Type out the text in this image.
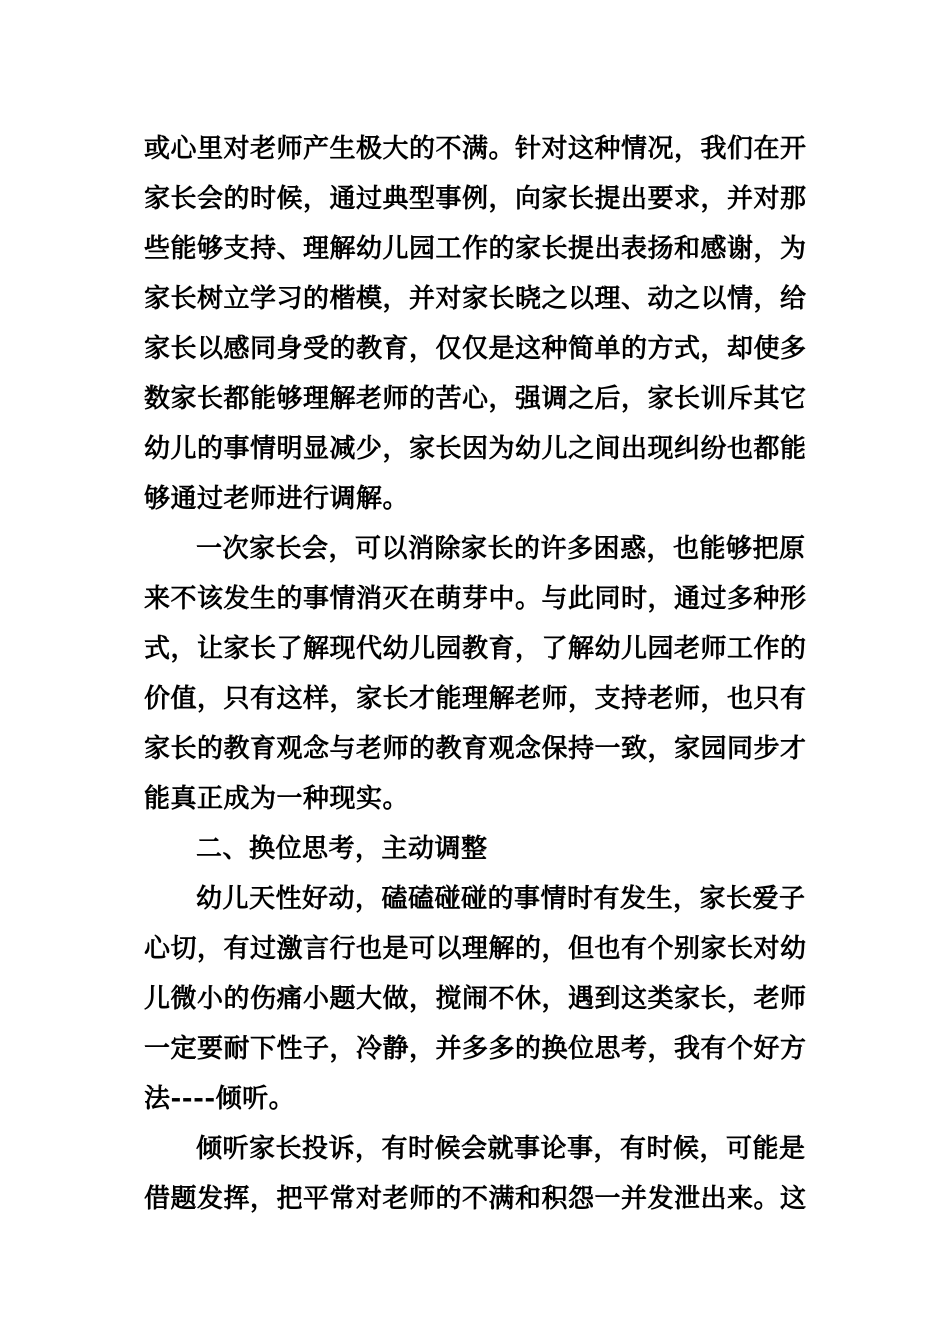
或心里对老师产生极大的不满。针对这种情况，我们在开
家长会的时候，通过典型事例，向家长提出要求，并对那
些能够支持、理解幼儿园工作的家长提出表扬和感谢，为
家长树立学习的楷模，并对家长晓之以理、动之以情，给
家长以感同身受的教育，仅仅是这种简单的方式，却使多
数家长都能够理解老师的苦心，强调之后，家长训斥其它
幼儿的事情明显减少，家长因为幼儿之间出现纠纷也都能
够通过老师进行调解。
一次家长会，可以消除家长的许多困惑，也能够把原
来不该发生的事情消灭在萌芽中。与此同时，通过多种形
式，让家长了解现代幼儿园教育，了解幼儿园老师工作的
价值，只有这样，家长才能理解老师，支持老师，也只有
家长的教育观念与老师的教育观念保持一致，家园同步才
能真正成为一种现实。
二、换位思考，主动调整
幼儿天性好动，磕磕碰碰的事情时有发生，家长爱子
心切，有过激言行也是可以理解的，但也有个别家长对幼
儿微小的伤痛小题大做，搅闹不休，遇到这类家长，老师
一定要耐下性子，冷静，并多多的换位思考，我有个好方
法----倾听。
倾听家长投诉，有时候会就事论事，有时候，可能是
借题发挥，把平常对老师的不满和积怨一并发泄出来。这
